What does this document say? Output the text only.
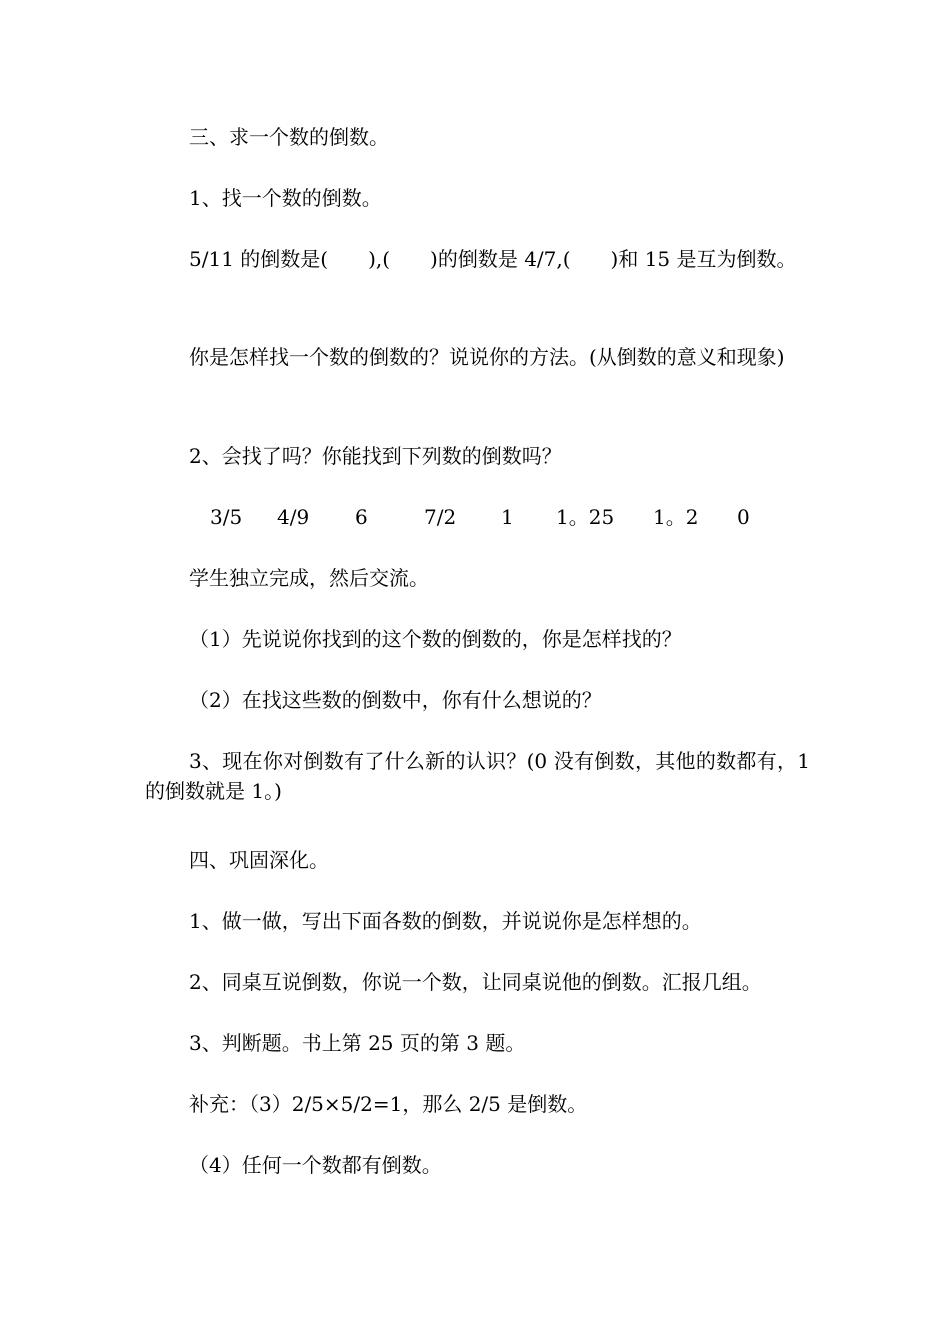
三、求一个数的倒数。
1、找一个数的倒数。
5/11 的倒数是(　　),(　　)的倒数是 4/7,(　　)和 15 是互为倒数。
你是怎样找一个数的倒数的？说说你的方法。(从倒数的意义和现象)
2、会找了吗？你能找到下列数的倒数吗？
3/5 4/9 6	7/2 1 1。25 1。2 0
学生独立完成，然后交流。
（1）先说说你找到的这个数的倒数的，你是怎样找的？
（2）在找这些数的倒数中，你有什么想说的？
3、现在你对倒数有了什么新的认识？(0 没有倒数，其他的数都有，1 的倒数就是 1。)
四、巩固深化。
1、做一做，写出下面各数的倒数，并说说你是怎样想的。
2、同桌互说倒数，你说一个数，让同桌说他的倒数。汇报几组。
3、判断题。书上第 25 页的第 3 题。
补充：（3）2/5×5/2=1，那么 2/5 是倒数。
（4）任何一个数都有倒数。
